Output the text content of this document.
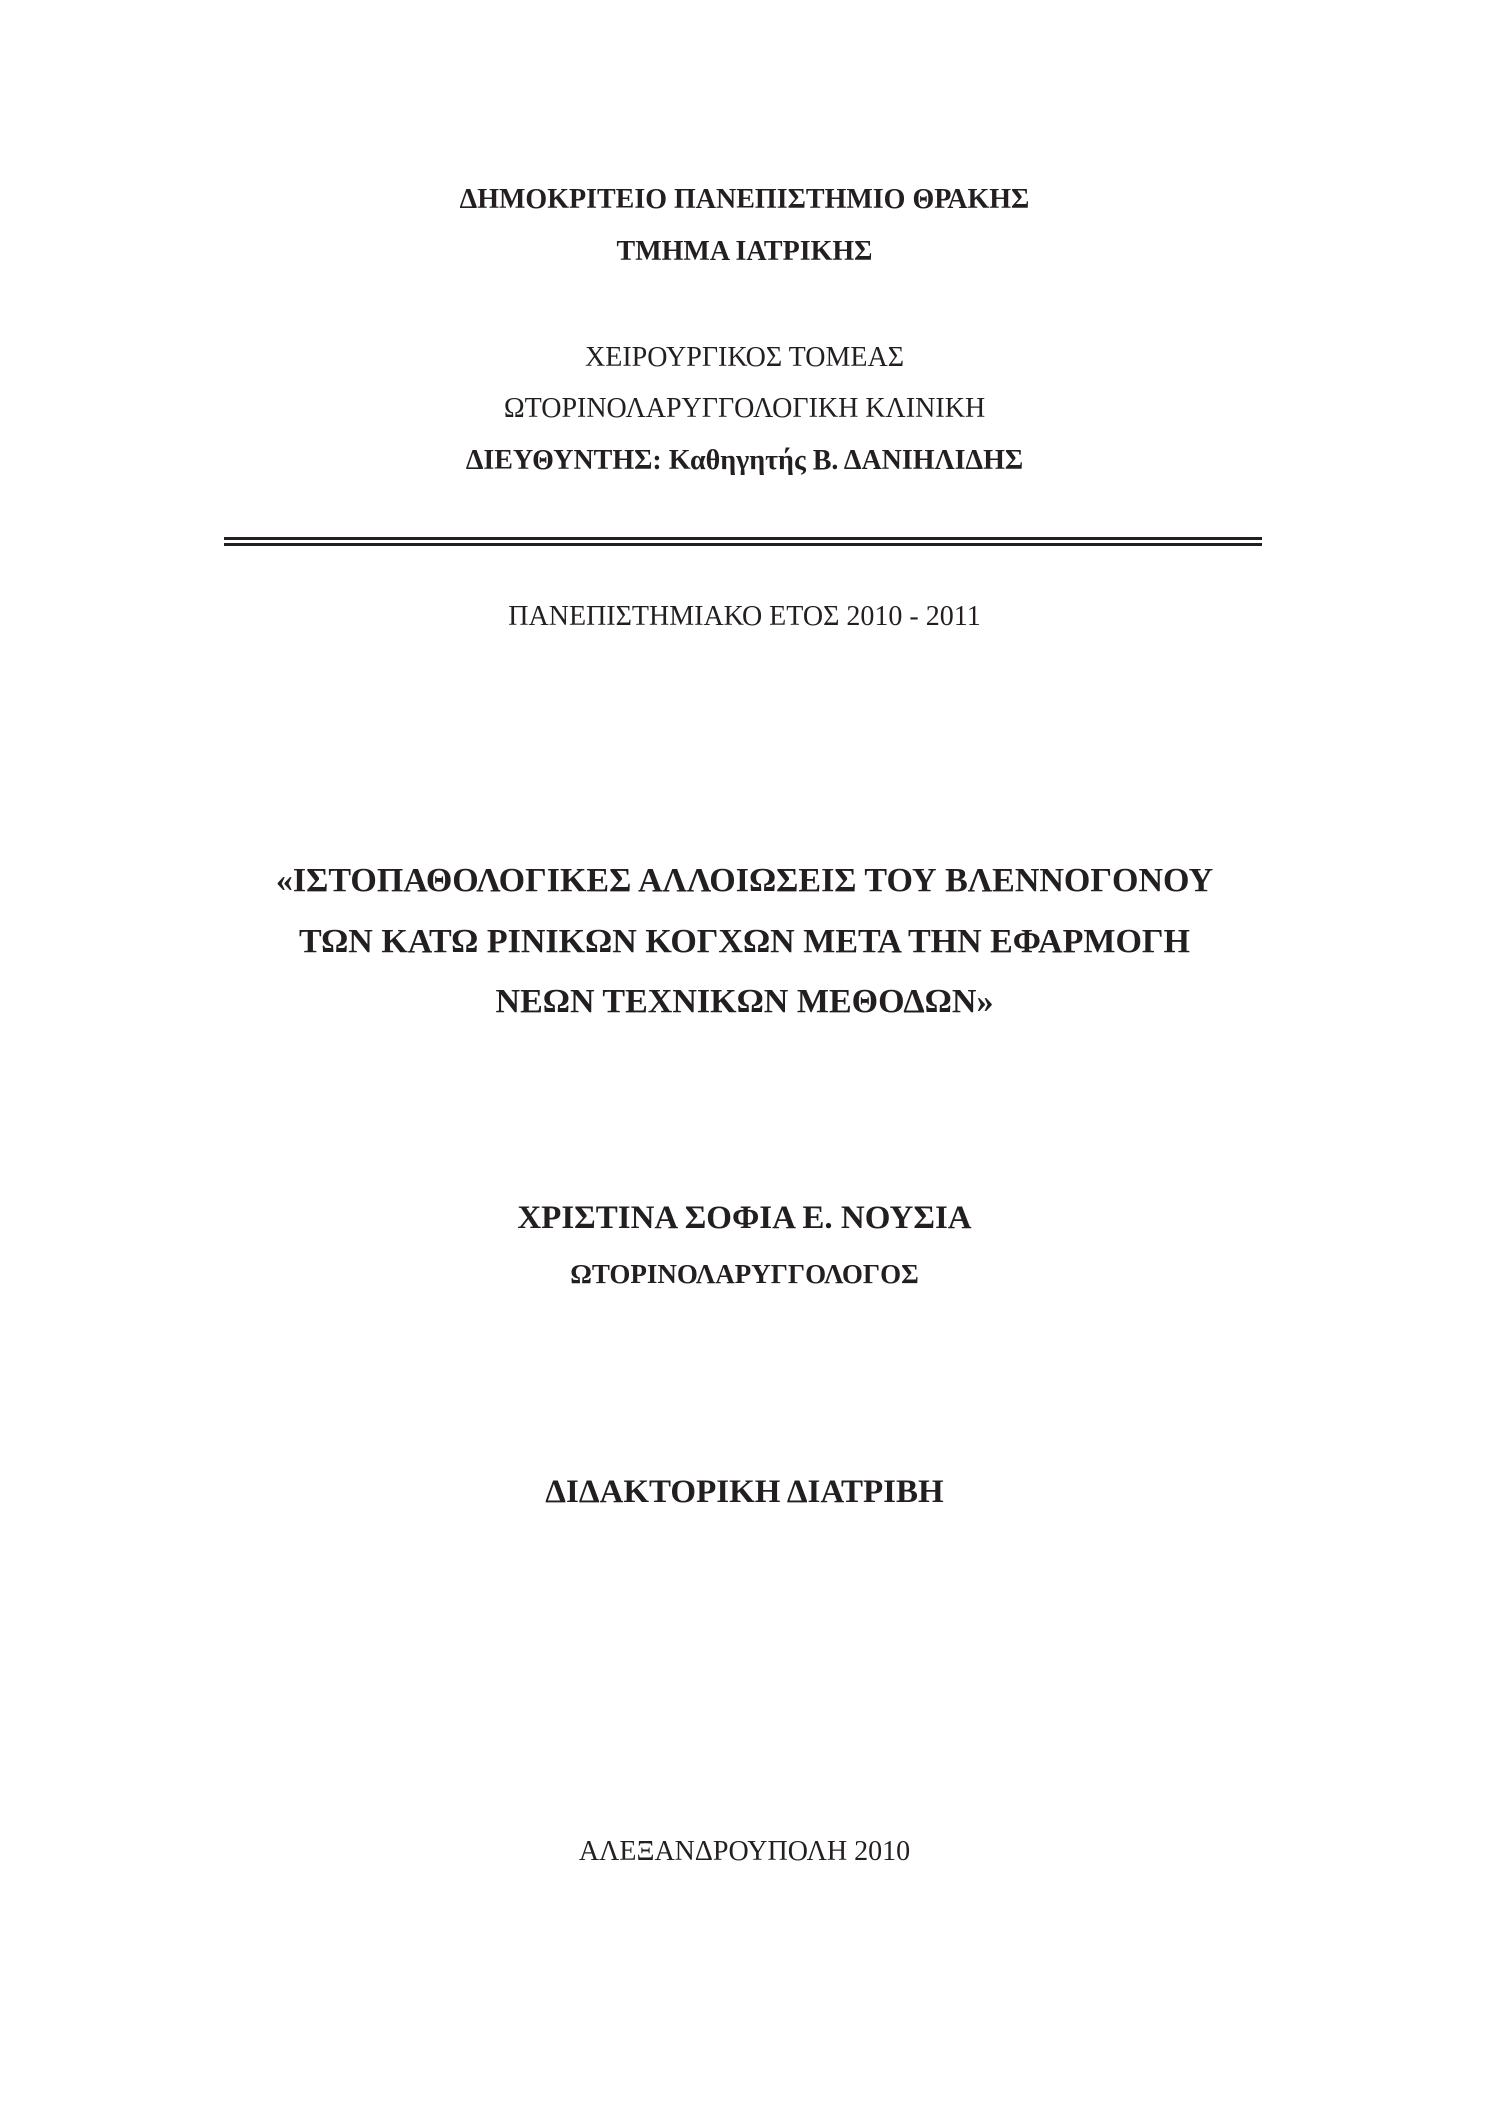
ΔΗΜΟΚΡΙΤΕΙΟ ΠΑΝΕΠΙΣΤΗΜΙΟ ΘΡΑΚΗΣ
ΤΜΗΜΑ ΙΑΤΡΙΚΗΣ
ΧΕΙΡΟΥΡΓΙΚΟΣ ΤΟΜΕΑΣ
ΩΤΟΡΙΝΟΛΑΡΥΓΓΟΛΟΓΙΚΗ ΚΛΙΝΙΚΗ
ΔΙΕΥΘΥΝΤΗΣ: Καθηγητής Β. ΔΑΝΙΗΛΙΔΗΣ
ΠΑΝΕΠΙΣΤΗΜΙΑΚΟ ΕΤΟΣ 2010 - 2011
«ΙΣΤΟΠΑΘΟΛΟΓΙΚΕΣ ΑΛΛΟΙΩΣΕΙΣ ΤΟΥ ΒΛΕΝΝΟΓΟΝΟΥ
ΤΩΝ ΚΑΤΩ ΡΙΝΙΚΩΝ ΚΟΓΧΩΝ ΜΕΤΑ ΤΗΝ ΕΦΑΡΜΟΓΗ
ΝΕΩΝ ΤΕΧΝΙΚΩΝ ΜΕΘΟΔΩΝ»
ΧΡΙΣΤΙΝΑ ΣΟΦΙΑ Ε. ΝΟΥΣΙΑ
ΩΤΟΡΙΝΟΛΑΡΥΓΓΟΛΟΓΟΣ
ΔΙΔΑΚΤΟΡΙΚΗ ΔΙΑΤΡΙΒΗ
ΑΛΕΞΑΝΔΡΟΥΠΟΛΗ 2010
